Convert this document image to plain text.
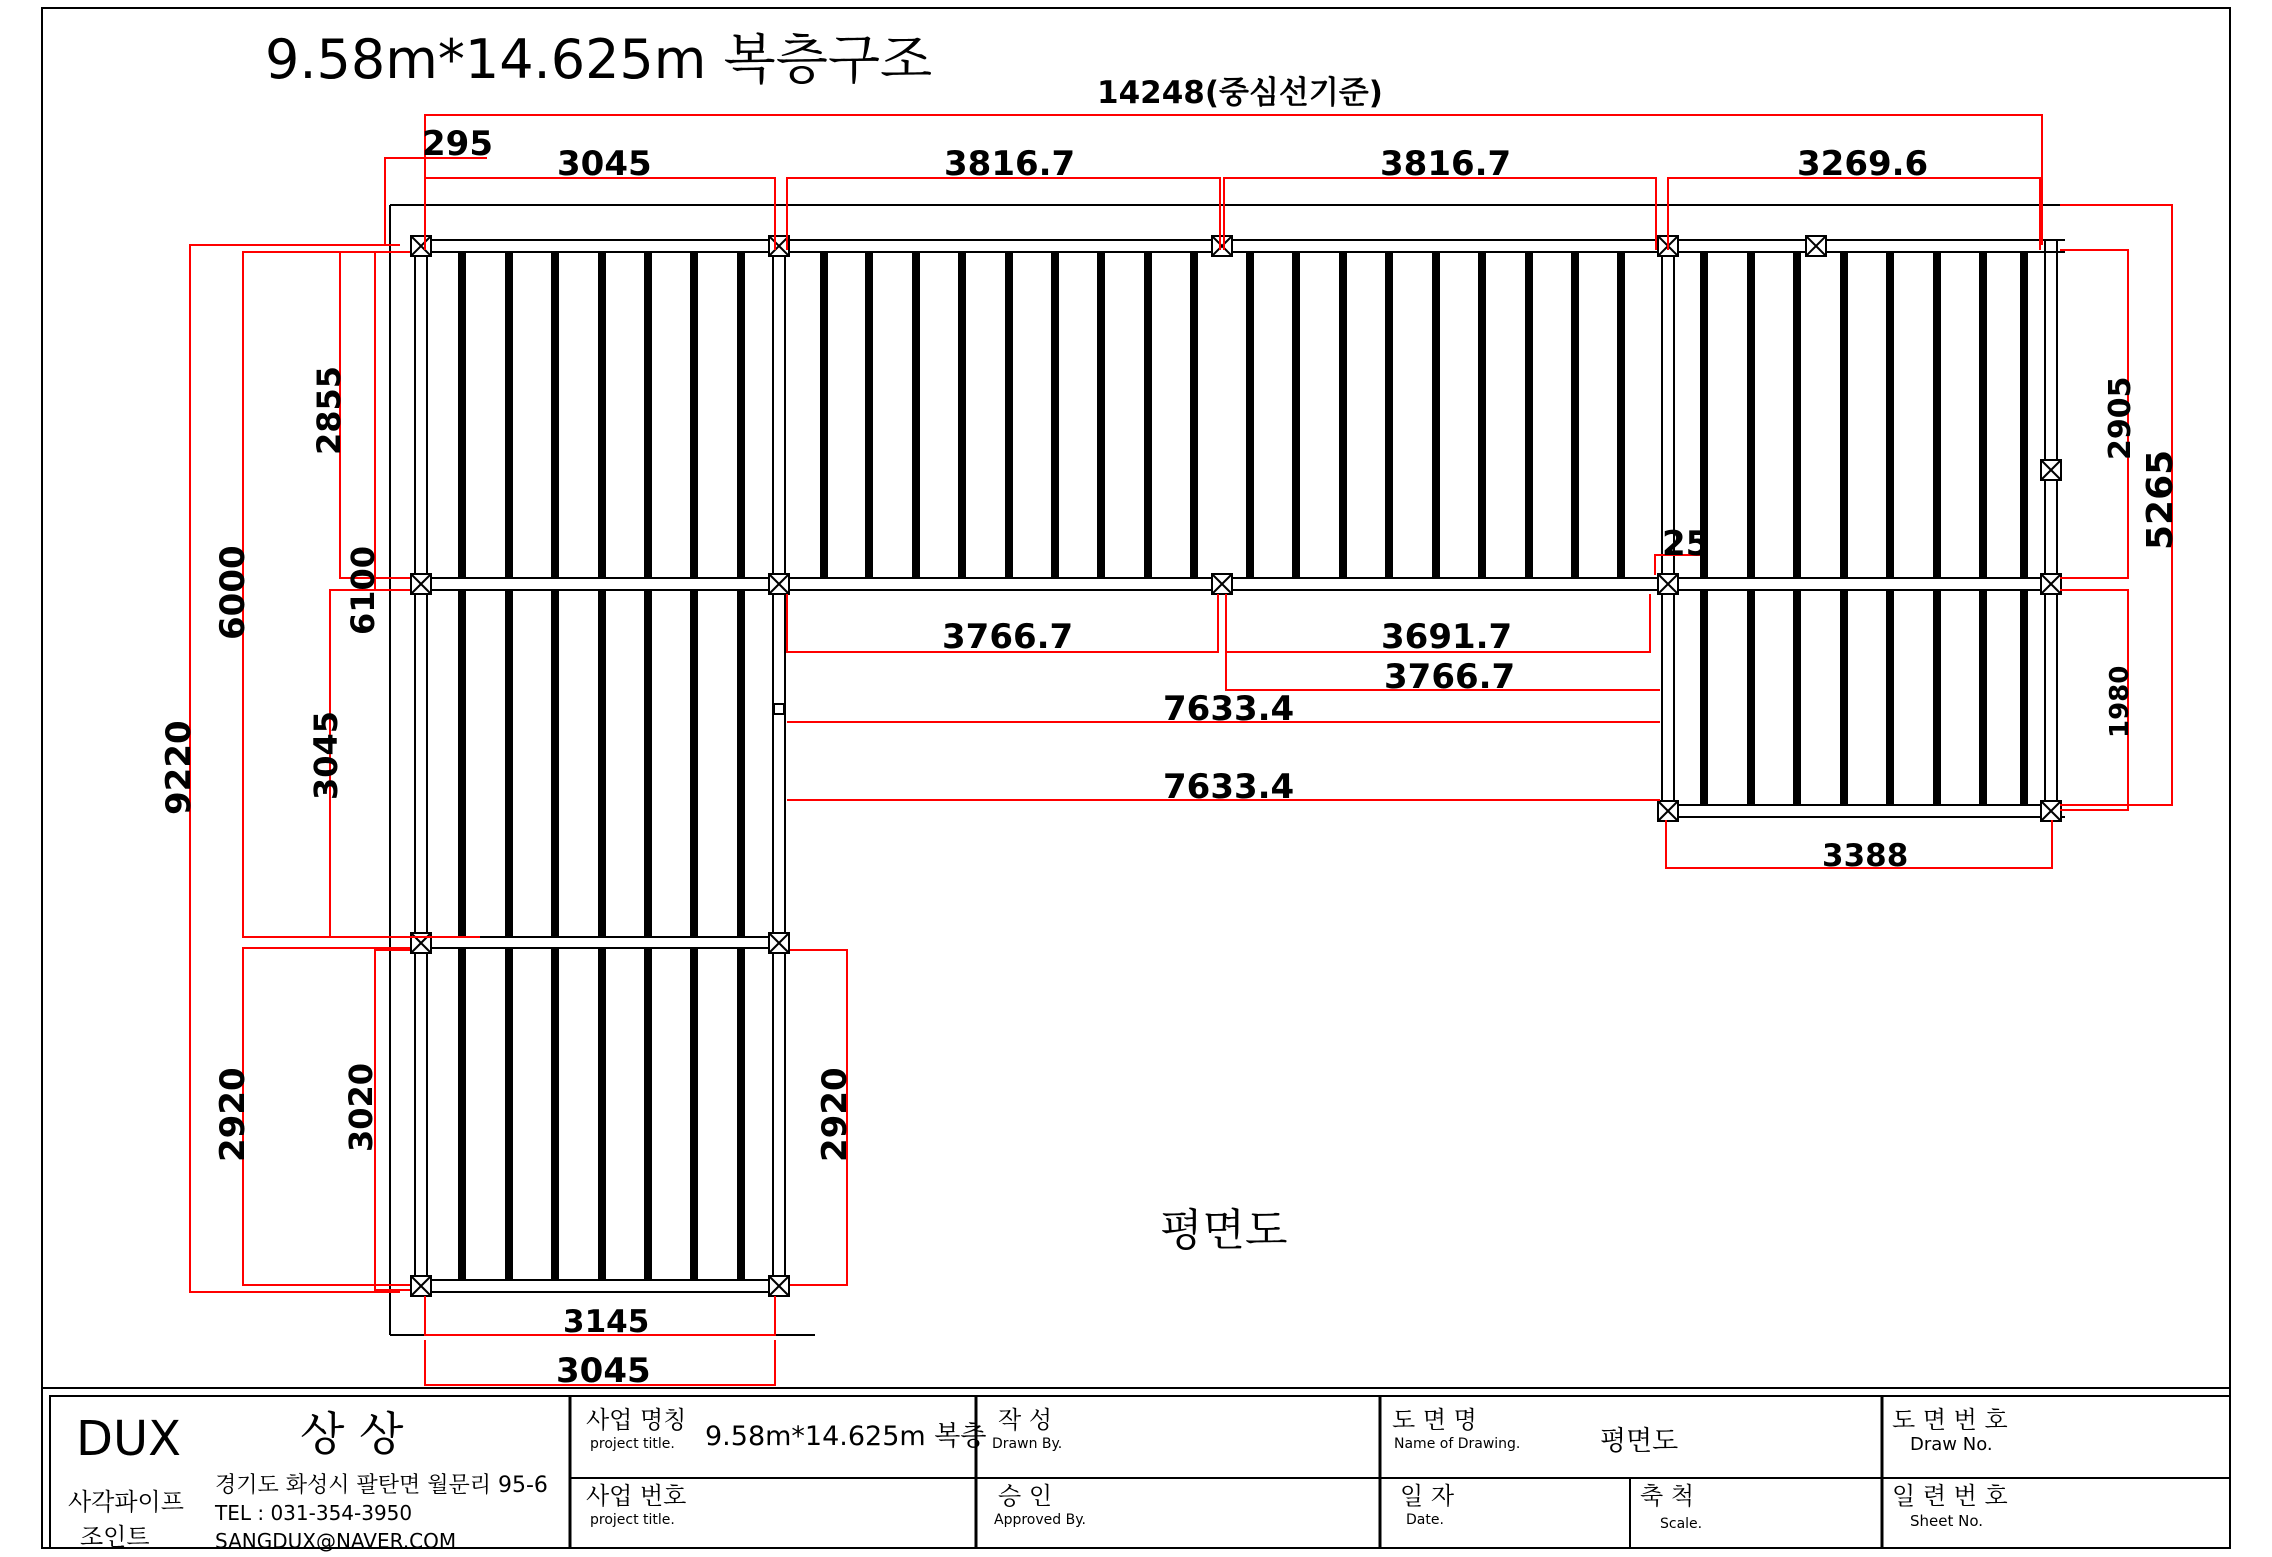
9.58m*14.625m 복층구조
14248(중심선기준)
295 3045	3816.7	3816.7	3269.6
2855
6000	6100
3045
9220
2920	3020	2920
3145
3045
3766.7	3691.7
3766.7
7633.4
7633.4
25
2905
5265
1980
3388
평면도
DUX	상 상
사각파이프
조인트
경기도 화성시 팔탄면 월문리 95-6
TEL : 031-354-3950
SANGDUX@NAVER.COM
사업 명칭
project title. 9.58m*14.625m 복층
사업 번호
project title.
작 성
Drawn By.
승 인
Approved By.
도 면 명
Name of Drawing.	평면도
일 자
Date.
축 척
Scale.
도 면 번 호
Draw No.
일 련 번 호
Sheet No.
